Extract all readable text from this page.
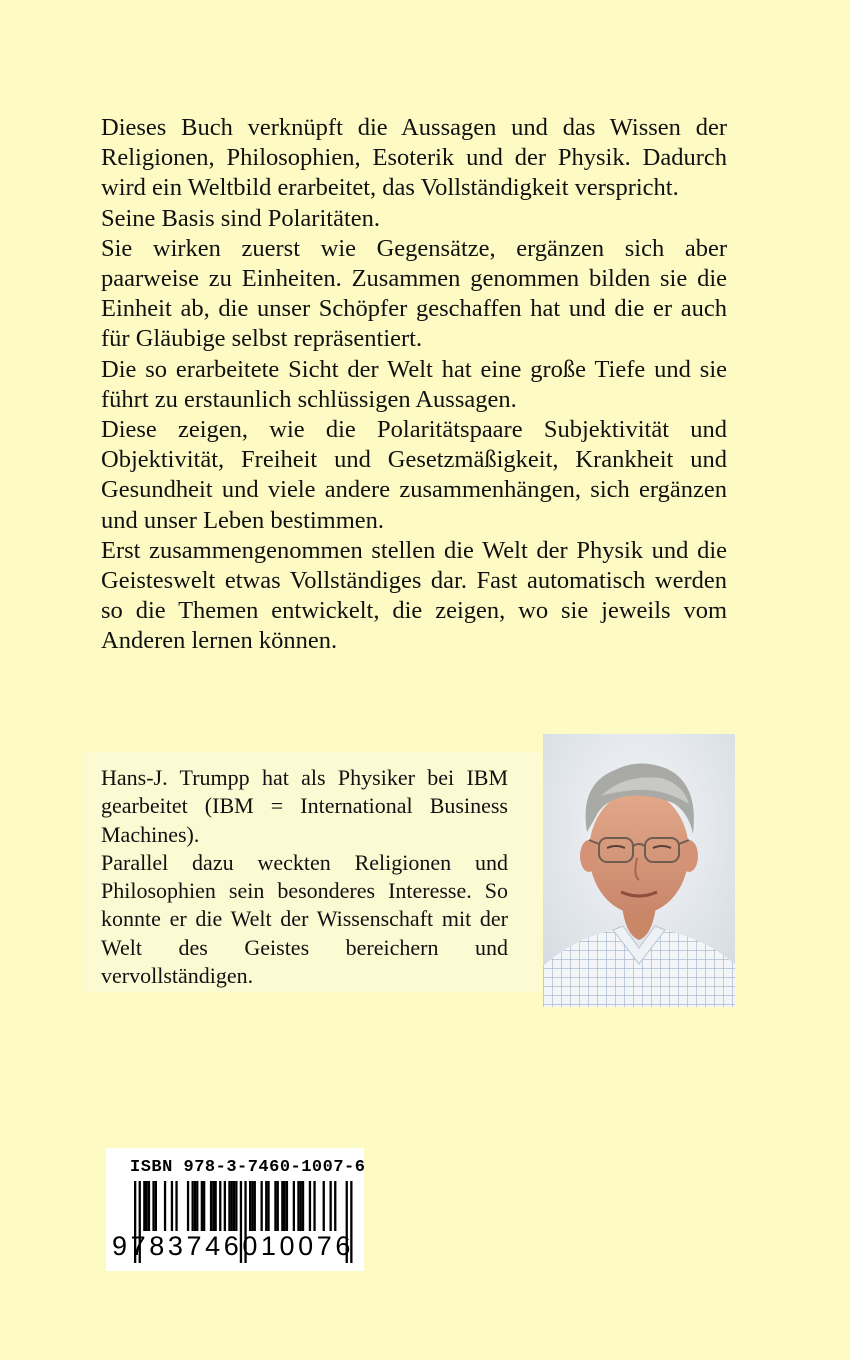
Dieses Buch verknüpft die Aussagen und das Wissen der Religionen, Philosophien, Esoterik und der Physik. Dadurch wird ein Weltbild erarbeitet, das Vollständigkeit verspricht.

Seine Basis sind Polaritäten.

Sie wirken zuerst wie Gegensätze, ergänzen sich aber paarweise zu Einheiten. Zusammen genommen bilden sie die Einheit ab, die unser Schöpfer geschaffen hat und die er auch für Gläubige selbst repräsentiert.

Die so erarbeitete Sicht der Welt hat eine große Tiefe und sie führt zu erstaunlich schlüssigen Aussagen.

Diese zeigen, wie die Polaritätspaare Subjektivität und Objektivität, Freiheit und Gesetzmäßigkeit, Krankheit und Gesundheit und viele andere zusammenhängen, sich ergänzen und unser Leben bestimmen.

Erst zusammengenommen stellen die Welt der Physik und die Geisteswelt etwas Vollständiges dar. Fast automatisch werden so die Themen entwickelt, die zeigen, wo sie jeweils vom Anderen lernen können.

Hans-J. Trumpp hat als Physiker bei IBM gearbeitet (IBM = International Business Machines).

Parallel dazu weckten Religionen und Philosophien sein besonderes Interesse. So konnte er die Welt der Wissenschaft mit der Welt des Geistes bereichern und vervollständigen.

ISBN 978-3-7460-1007-6
9783746010076
